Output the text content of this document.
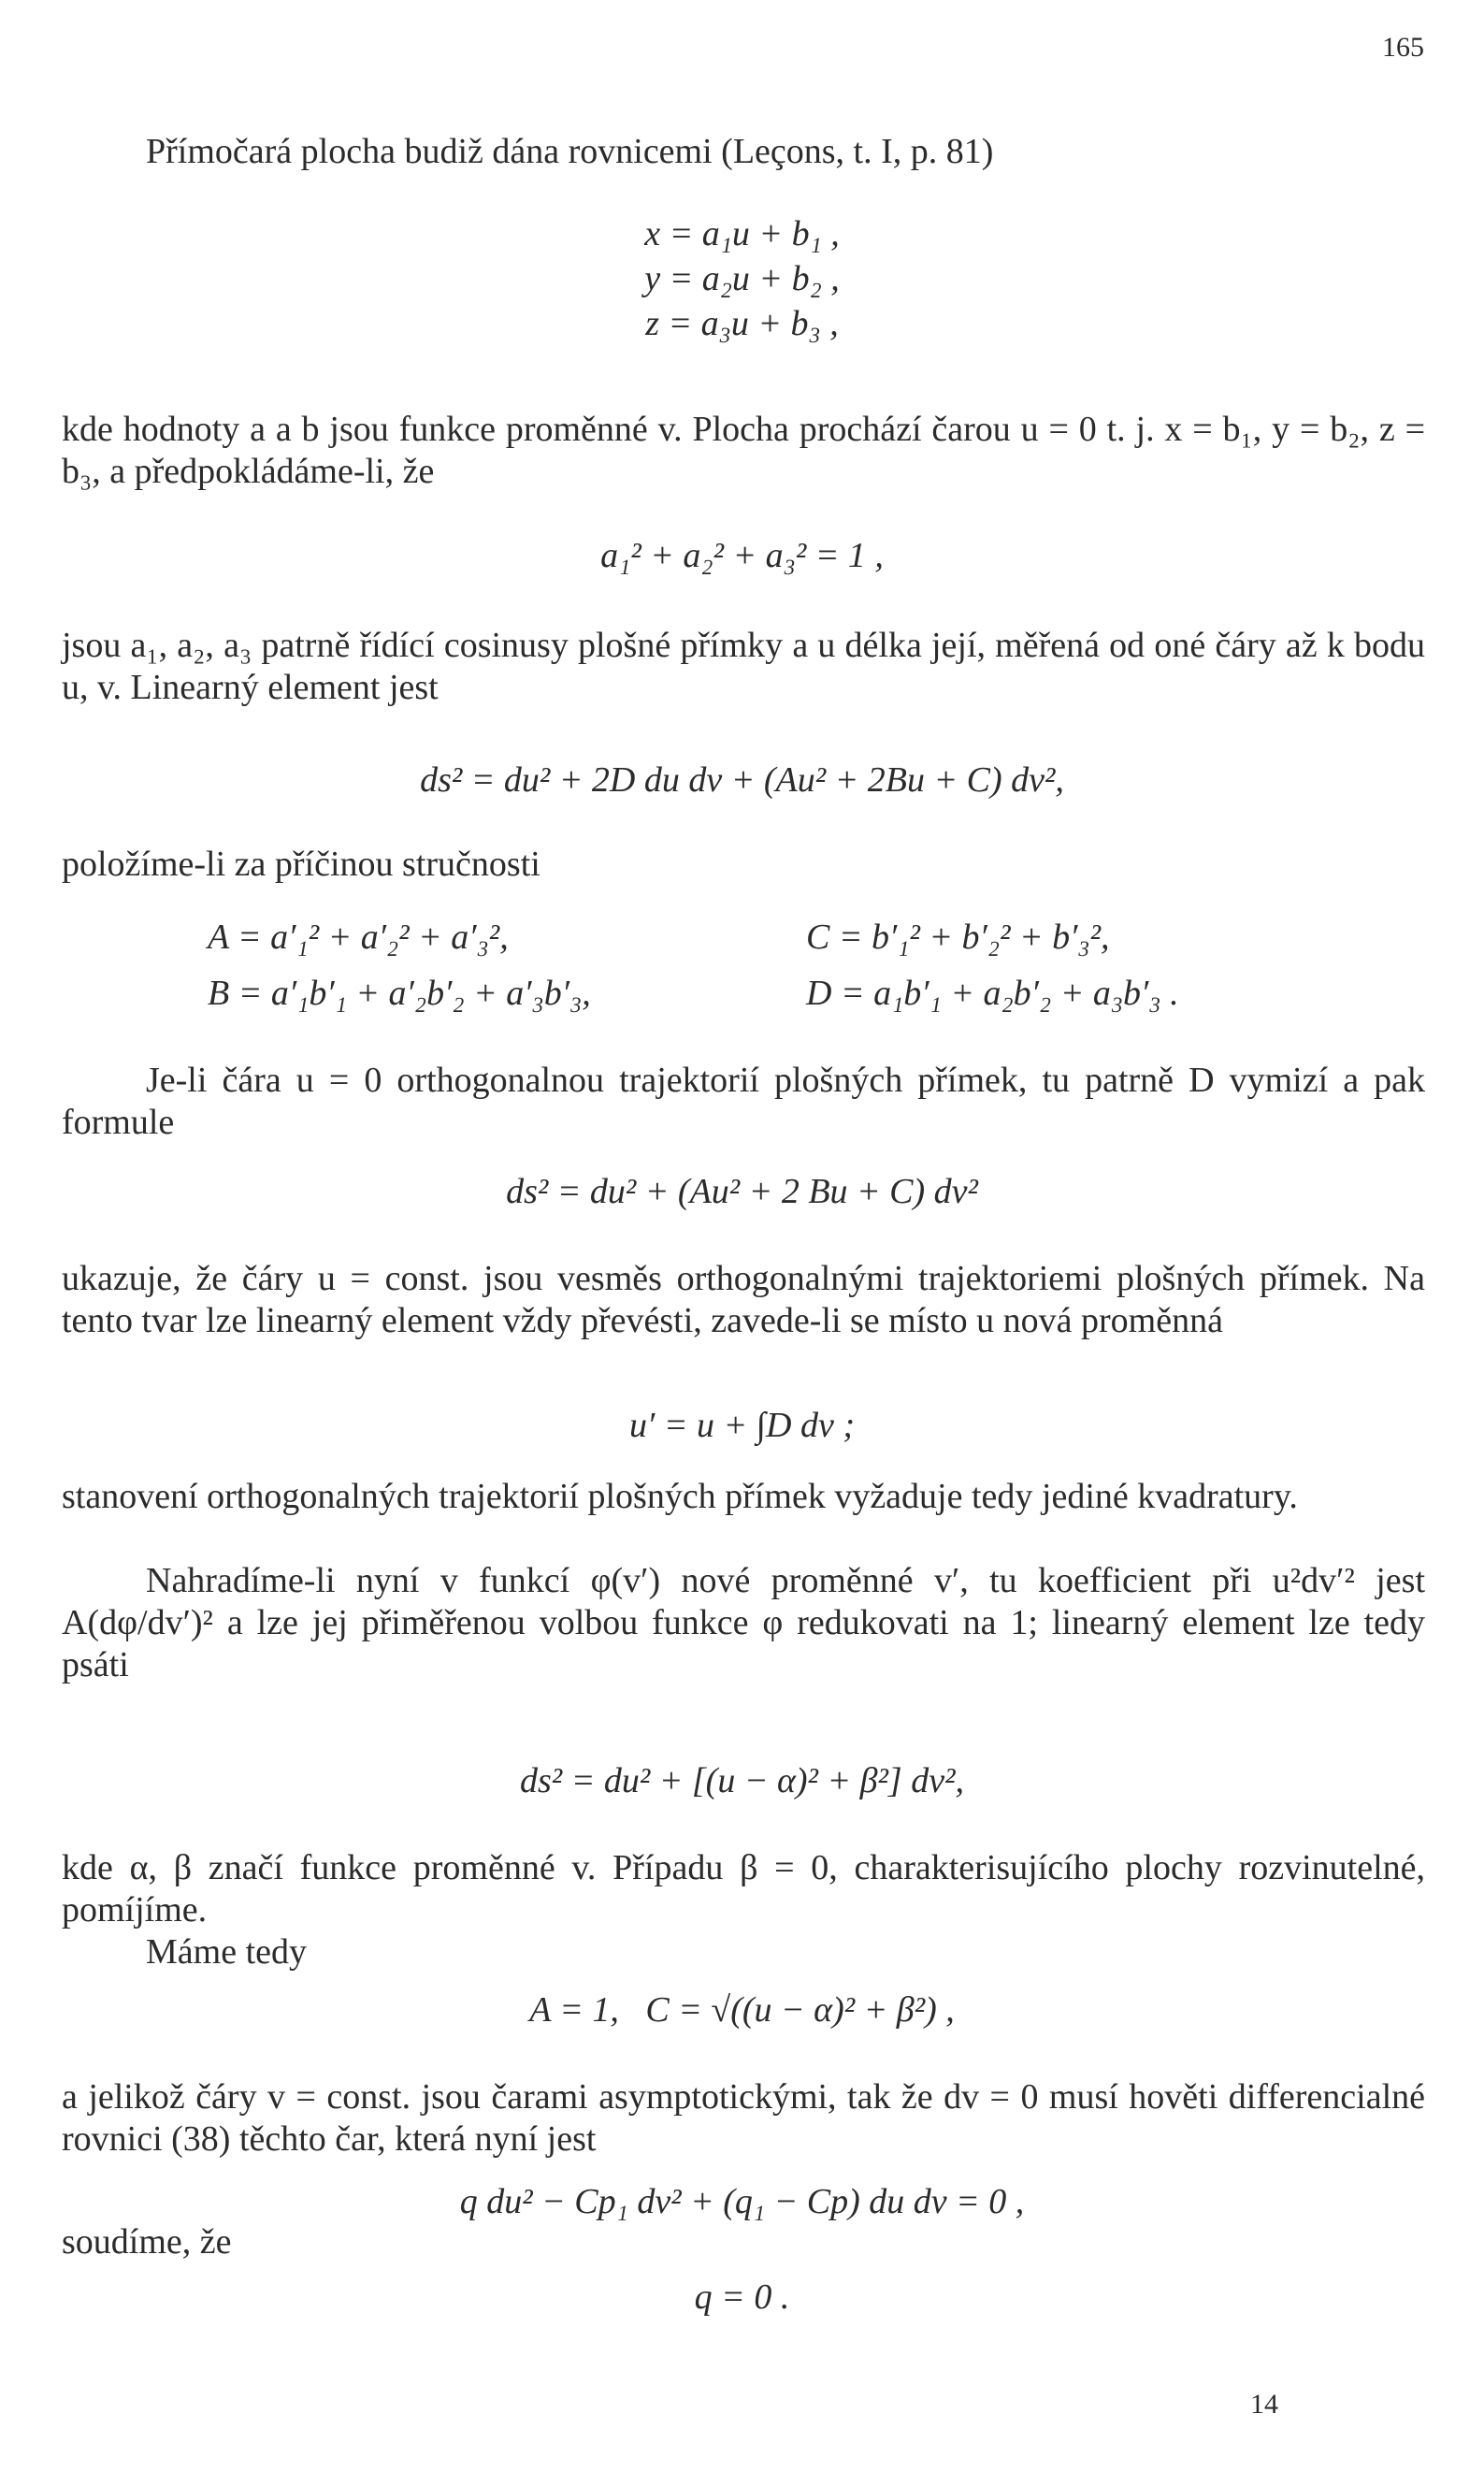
165

Přímočará plocha budiž dána rovnicemi (Leçons, t. I, p. 81)

x = a₁u + b₁ ,
y = a₂u + b₂ ,
z = a₃u + b₃ ,

kde hodnoty a a b jsou funkce proměnné v. Plocha prochází čarou u = 0 t. j. x = b₁, y = b₂, z = b₃, a předpokládáme-li, že

a₁² + a₂² + a₃² = 1 ,

jsou a₁, a₂, a₃ patrně řídící cosinusy plošné přímky a u délka její, měřená od oné čáry až k bodu u, v. Linearný element jest

ds² = du² + 2D du dv + (Au² + 2Bu + C) dv²,

položíme-li za příčinou stručnosti

A = a′₁² + a′₂² + a′₃²,	C = b′₁² + b′₂² + b′₃²,
B = a′₁b′₁ + a′₂b′₂ + a′₃b′₃,	D = a₁b′₁ + a₂b′₂ + a₃b′₃ .

Je-li čára u = 0 orthogonalnou trajektorií plošných přímek, tu patrně D vymizí a pak formule

ds² = du² + (Au² + 2 Bu + C) dv²

ukazuje, že čáry u = const. jsou vesměs orthogonalnými trajektoriemi plošných přímek. Na tento tvar lze linearný element vždy převésti, zavede-li se místo u nová proměnná

u′ = u + ∫D dv ;

stanovení orthogonalných trajektorií plošných přímek vyžaduje tedy jediné kvadratury.

Nahradíme-li nyní v funkcí φ(v′) nové proměnné v′, tu koefficient při u²dv′² jest A(dφ/dv′)² a lze jej přiměřenou volbou funkce φ redukovati na 1; linearný element lze tedy psáti

ds² = du² + [(u − α)² + β²] dv²,

kde α, β značí funkce proměnné v. Případu β = 0, charakterisujícího plochy rozvinutelné, pomíjíme.

Máme tedy

A = 1,   C = √((u − α)² + β²) ,

a jelikož čáry v = const. jsou čarami asymptotickými, tak že dv = 0 musí hověti differencialné rovnici (38) těchto čar, která nyní jest

q du² − Cp₁ dv² + (q₁ − Cp) du dv = 0 ,

soudíme, že

q = 0 .
14
